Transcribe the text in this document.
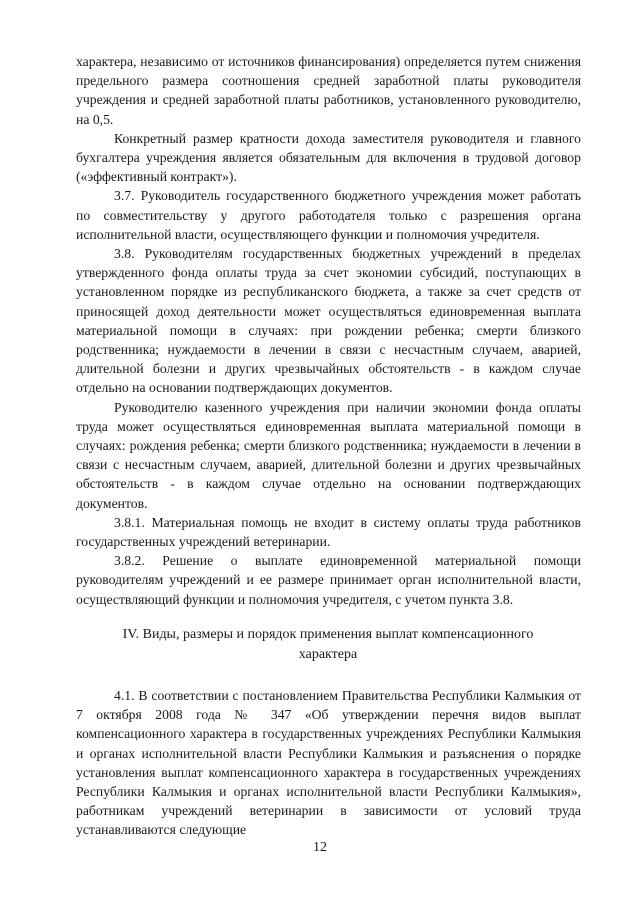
характера, независимо от источников финансирования) определяется путем снижения предельного размера соотношения средней заработной платы руководителя учреждения и средней заработной платы работников, установленного руководителю, на 0,5.

Конкретный размер кратности дохода заместителя руководителя и главного бухгалтера учреждения является обязательным для включения в трудовой договор («эффективный контракт»).

3.7. Руководитель государственного бюджетного учреждения может работать по совместительству у другого работодателя только с разрешения органа исполнительной власти, осуществляющего функции и полномочия учредителя.

3.8. Руководителям государственных бюджетных учреждений в пределах утвержденного фонда оплаты труда за счет экономии субсидий, поступающих в установленном порядке из республиканского бюджета, а также за счет средств от приносящей доход деятельности может осуществляться единовременная выплата материальной помощи в случаях: при рождении ребенка; смерти близкого родственника; нуждаемости в лечении в связи с несчастным случаем, аварией, длительной болезни и других чрезвычайных обстоятельств - в каждом случае отдельно на основании подтверждающих документов.

Руководителю казенного учреждения при наличии экономии фонда оплаты труда может осуществляться единовременная выплата материальной помощи в случаях: рождения ребенка; смерти близкого родственника; нуждаемости в лечении в связи с несчастным случаем, аварией, длительной болезни и других чрезвычайных обстоятельств - в каждом случае отдельно на основании подтверждающих документов.

3.8.1. Материальная помощь не входит в систему оплаты труда работников государственных учреждений ветеринарии.

3.8.2. Решение о выплате единовременной материальной помощи руководителям учреждений и ее размере принимает орган исполнительной власти, осуществляющий функции и полномочия учредителя, с учетом пункта 3.8.

IV. Виды, размеры и порядок применения выплат компенсационного

характера

4.1. В соответствии с постановлением Правительства Республики Калмыкия от 7 октября 2008 года № 347 «Об утверждении перечня видов выплат компенсационного характера в государственных учреждениях Республики Калмыкия и органах исполнительной власти Республики Калмыкия и разъяснения о порядке установления выплат компенсационного характера в государственных учреждениях Республики Калмыкия и органах исполнительной власти Республики Калмыкия», работникам учреждений ветеринарии в зависимости от условий труда устанавливаются следующие

12
